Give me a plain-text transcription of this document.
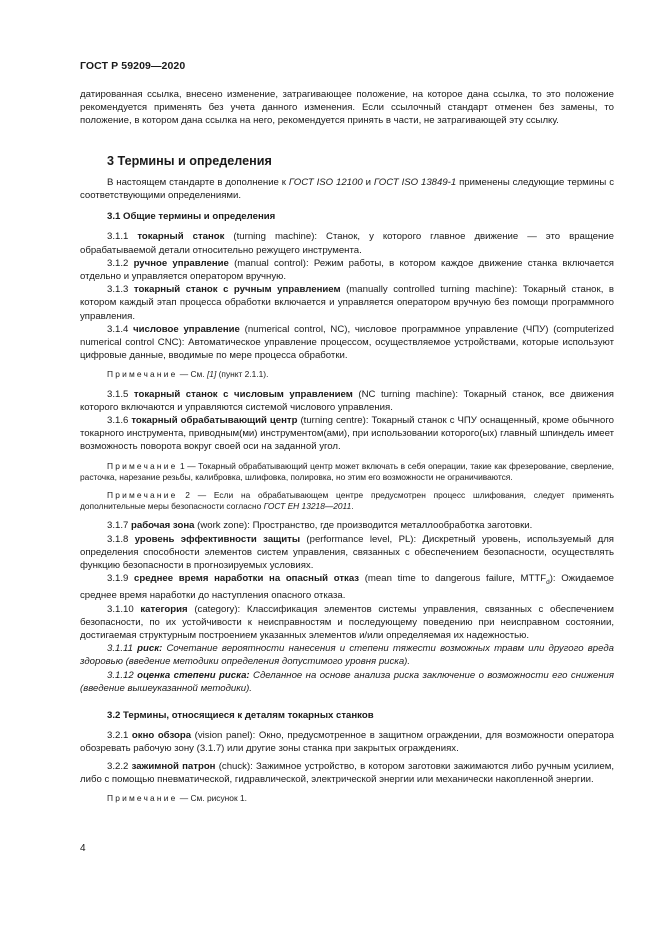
ГОСТ Р 59209—2020

датированная ссылка, внесено изменение, затрагивающее положение, на которое дана ссылка, то это положение рекомендуется применять без учета данного изменения. Если ссылочный стандарт отменен без замены, то положение, в котором дана ссылка на него, рекомендуется принять в части, не затрагивающей эту ссылку.

3 Термины и определения

В настоящем стандарте в дополнение к ГОСТ ISO 12100 и ГОСТ ISO 13849-1 применены следующие термины с соответствующими определениями.

3.1 Общие термины и определения

3.1.1 токарный станок (turning machine): Станок, у которого главное движение — это вращение обрабатываемой детали относительно режущего инструмента.

3.1.2 ручное управление (manual control): Режим работы, в котором каждое движение станка включается отдельно и управляется оператором вручную.

3.1.3 токарный станок с ручным управлением (manually controlled turning machine): Токарный станок, в котором каждый этап процесса обработки включается и управляется оператором вручную без помощи программного управления.

3.1.4 числовое управление (numerical control, NC), числовое программное управление (ЧПУ) (computerized numerical control CNC): Автоматическое управление процессом, осуществляемое устройствами, которые используют цифровые данные, вводимые по мере процесса обработки.

Примечание — См. [1] (пункт 2.1.1).

3.1.5 токарный станок с числовым управлением (NC turning machine): Токарный станок, все движения которого включаются и управляются системой числового управления.

3.1.6 токарный обрабатывающий центр (turning centre): Токарный станок с ЧПУ оснащенный, кроме обычного токарного инструмента, приводным(ми) инструментом(ами), при использовании которого(ых) главный шпиндель имеет возможность поворота вокруг своей оси на заданной угол.

Примечание 1 — Токарный обрабатывающий центр может включать в себя операции, такие как фрезерование, сверление, расточка, нарезание резьбы, калибровка, шлифовка, полировка, но этим его возможности не ограничиваются.

Примечание 2 — Если на обрабатывающем центре предусмотрен процесс шлифования, следует применять дополнительные меры безопасности согласно ГОСТ ЕН 13218—2011.

3.1.7 рабочая зона (work zone): Пространство, где производится металлообработка заготовки.

3.1.8 уровень эффективности защиты (performance level, PL): Дискретный уровень, используемый для определения способности элементов систем управления, связанных с обеспечением безопасности, осуществлять функцию безопасности в прогнозируемых условиях.

3.1.9 среднее время наработки на опасный отказ (mean time to dangerous failure, $MTTF_d$): Ожидаемое среднее время наработки до наступления опасного отказа.

3.1.10 категория (category): Классификация элементов системы управления, связанных с обеспечением безопасности, по их устойчивости к неисправностям и последующему поведению при неисправном состоянии, достигаемая структурным построением указанных элементов и/или определяемая их надежностью.

3.1.11 риск: Сочетание вероятности нанесения и степени тяжести возможных травм или другого вреда здоровью (введение методики определения допустимого уровня риска).

3.1.12 оценка степени риска: Сделанное на основе анализа риска заключение о возможности его снижения (введение вышеуказанной методики).

3.2 Термины, относящиеся к деталям токарных станков

3.2.1 окно обзора (vision panel): Окно, предусмотренное в защитном ограждении, для возможности оператора обозревать рабочую зону (3.1.7) или другие зоны станка при закрытых ограждениях.

3.2.2 зажимной патрон (chuck): Зажимное устройство, в котором заготовки зажимаются либо ручным усилием, либо с помощью пневматической, гидравлической, электрической энергии или механически накопленной энергии.

Примечание — См. рисунок 1.

4
